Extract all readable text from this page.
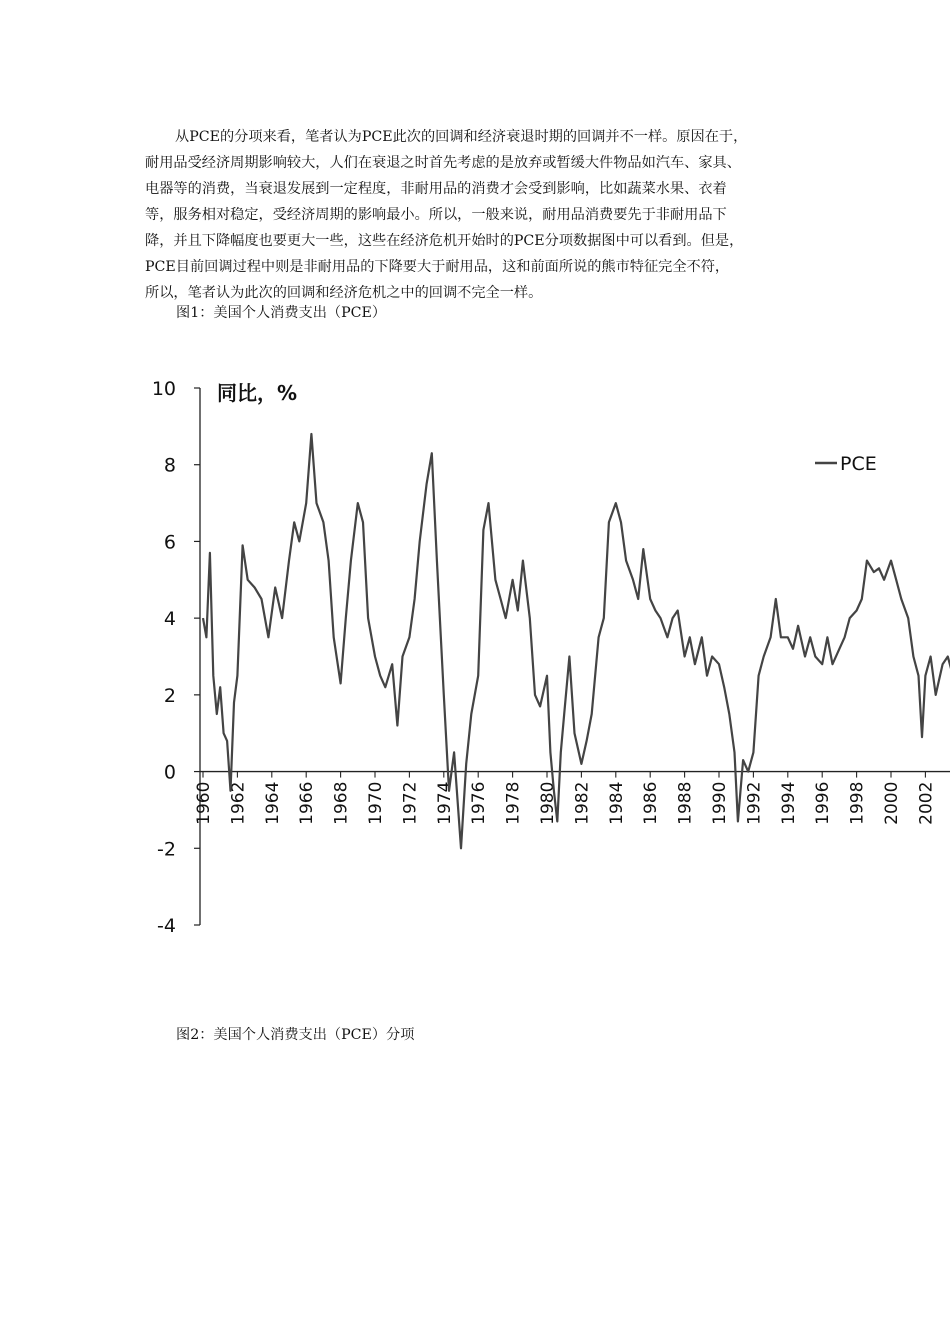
从PCE的分项来看，笔者认为PCE此次的回调和经济衰退时期的回调并不一样。原因在于，
耐用品受经济周期影响较大，人们在衰退之时首先考虑的是放弃或暂缓大件物品如汽车、家具、
电器等的消费，当衰退发展到一定程度，非耐用品的消费才会受到影响，比如蔬菜水果、衣着
等，服务相对稳定，受经济周期的影响最小。所以，一般来说，耐用品消费要先于非耐用品下
降，并且下降幅度也要更大一些，这些在经济危机开始时的PCE分项数据图中可以看到。但是，
PCE目前回调过程中则是非耐用品的下降要大于耐用品，这和前面所说的熊市特征完全不符，
所以，笔者认为此次的回调和经济危机之中的回调不完全一样。
图1：美国个人消费支出（PCE）
10
8
6
4
2
0
-2
-4
同比，%
1960 1962 1964 1966 1968 1970 1972 1974 1976 1978 1980 1982 1984 1986 1988 1990 1992 1994 1996 1998 2000 2002
PCE
图2：美国个人消费支出（PCE）分项
